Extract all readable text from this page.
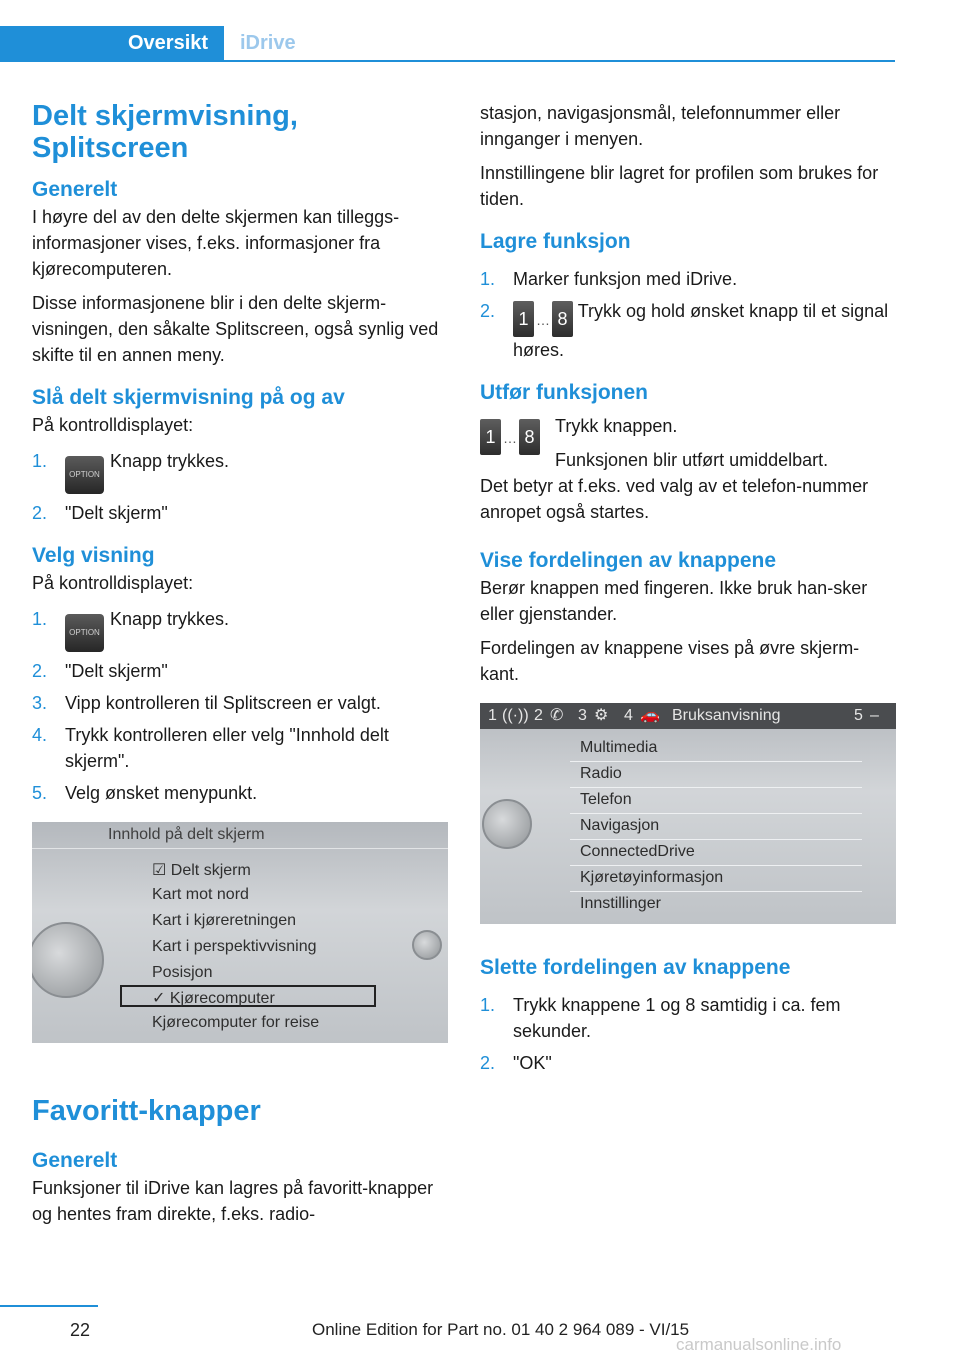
Oversikt	iDrive
Delt skjermvisning, Splitscreen
Generelt

I høyre del av den delte skjermen kan tilleggs‐informasjoner vises, f.eks. informasjoner fra kjørecomputeren.

Disse informasjonene blir i den delte skjerm‐visningen, den såkalte Splitscreen, også synlig ved skifte til en annen meny.

Slå delt skjermvisning på og av

På kontrolldisplayet:

1.
OPTIONKnapp trykkes.
2. "Delt skjerm"
Velg visning

På kontrolldisplayet:

1.
OPTIONKnapp trykkes.
2. "Delt skjerm"
3. Vipp kontrolleren til Splitscreen er valgt.
4. Trykk kontrolleren eller velg "Innhold delt skjerm".
5. Velg ønsket menypunkt.
Innhold på delt skjerm
☑ Delt skjerm
Kart mot nord
Kart i kjøreretningen
Kart i perspektivvisning
Posisjon
✓ Kjørecomputer
Kjørecomputer for reise
Favoritt-knapper
Generelt

Funksjoner til iDrive kan lagres på favoritt‐knapper og hentes fram direkte, f.eks. radio‐

stasjon, navigasjonsmål, telefonnummer eller innganger i menyen.

Innstillingene blir lagret for profilen som brukes for tiden.

Lagre funksjon
1. Marker funksjon med iDrive.
2. 1 … 8 Trykk og hold ønsket knapp til et signal høres.
Utfør funksjonen
1 … 8

Trykk knappen.

Funksjonen blir utført umiddelbart.

Det betyr at f.eks. ved valg av et telefon‐nummer anropet også startes.

Vise fordelingen av knappene

Berør knappen med fingeren. Ikke bruk han‐sker eller gjenstander.

Fordelingen av knappene vises på øvre skjerm‐kant.

1 ((·)) 2 ✆ 3 ⚙ 4 🚗 Bruksanvisning	5 –
Multimedia
Radio
Telefon
Navigasjon
ConnectedDrive
Kjøretøyinformasjon
Innstillinger
Slette fordelingen av knappene
1. Trykk knappene 1 og 8 samtidig i ca. fem sekunder.
2. "OK"
22	Online Edition for Part no. 01 40 2 964 089 - VI/15
carmanualsonline.info
